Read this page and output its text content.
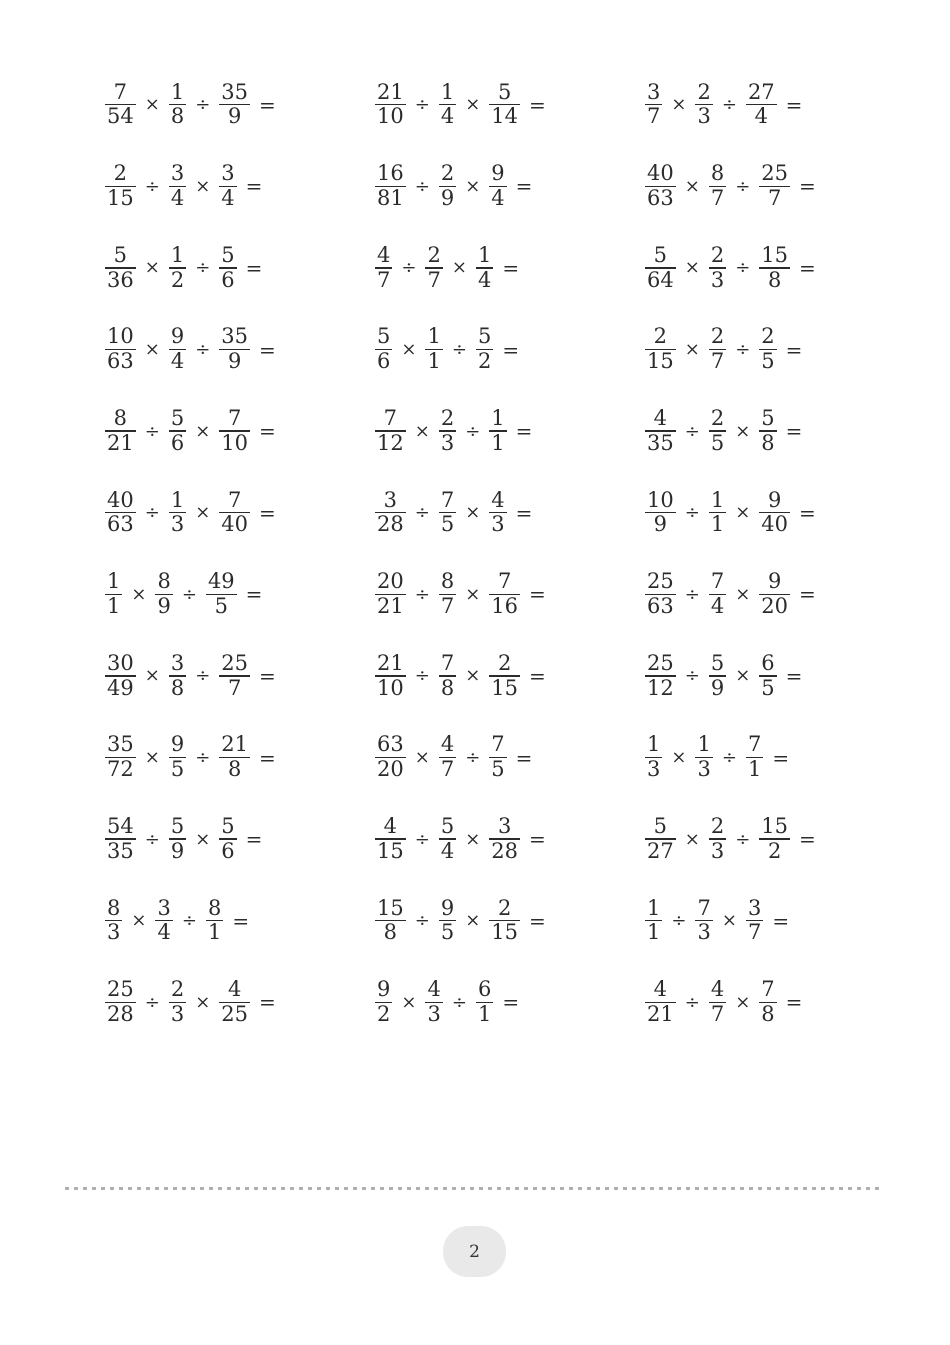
$\frac{7}{54} \times \frac{1}{8} \div \frac{35}{9}$ =	$\frac{21}{10} \div \frac{1}{4} \times \frac{5}{14}$ =	$\frac{3}{7} \times \frac{2}{3} \div \frac{27}{4}$ =
$\frac{2}{15} \div \frac{3}{4} \times \frac{3}{4}$ =	$\frac{16}{81} \div \frac{2}{9} \times \frac{9}{4}$ =	$\frac{40}{63} \times \frac{8}{7} \div \frac{25}{7}$ =
$\frac{5}{36} \times \frac{1}{2} \div \frac{5}{6}$ =	$\frac{4}{7} \div \frac{2}{7} \times \frac{1}{4}$ =	$\frac{5}{64} \times \frac{2}{3} \div \frac{15}{8}$ =
$\frac{10}{63} \times \frac{9}{4} \div \frac{35}{9}$ =	$\frac{5}{6} \times \frac{1}{1} \div \frac{5}{2}$ =	$\frac{2}{15} \times \frac{2}{7} \div \frac{2}{5}$ =
$\frac{8}{21} \div \frac{5}{6} \times \frac{7}{10}$ =	$\frac{7}{12} \times \frac{2}{3} \div \frac{1}{1}$ =	$\frac{4}{35} \div \frac{2}{5} \times \frac{5}{8}$ =
$\frac{40}{63} \div \frac{1}{3} \times \frac{7}{40}$ =	$\frac{3}{28} \div \frac{7}{5} \times \frac{4}{3}$ =	$\frac{10}{9} \div \frac{1}{1} \times \frac{9}{40}$ =
$\frac{1}{1} \times \frac{8}{9} \div \frac{49}{5}$ =	$\frac{20}{21} \div \frac{8}{7} \times \frac{7}{16}$ =	$\frac{25}{63} \div \frac{7}{4} \times \frac{9}{20}$ =
$\frac{30}{49} \times \frac{3}{8} \div \frac{25}{7}$ =	$\frac{21}{10} \div \frac{7}{8} \times \frac{2}{15}$ =	$\frac{25}{12} \div \frac{5}{9} \times \frac{6}{5}$ =
$\frac{35}{72} \times \frac{9}{5} \div \frac{21}{8}$ =	$\frac{63}{20} \times \frac{4}{7} \div \frac{7}{5}$ =	$\frac{1}{3} \times \frac{1}{3} \div \frac{7}{1}$ =
$\frac{54}{35} \div \frac{5}{9} \times \frac{5}{6}$ =	$\frac{4}{15} \div \frac{5}{4} \times \frac{3}{28}$ =	$\frac{5}{27} \times \frac{2}{3} \div \frac{15}{2}$ =
$\frac{8}{3} \times \frac{3}{4} \div \frac{8}{1}$ =	$\frac{15}{8} \div \frac{9}{5} \times \frac{2}{15}$ =	$\frac{1}{1} \div \frac{7}{3} \times \frac{3}{7}$ =
$\frac{25}{28} \div \frac{2}{3} \times \frac{4}{25}$ =	$\frac{9}{2} \times \frac{4}{3} \div \frac{6}{1}$ =	$\frac{4}{21} \div \frac{4}{7} \times \frac{7}{8}$ =
2
